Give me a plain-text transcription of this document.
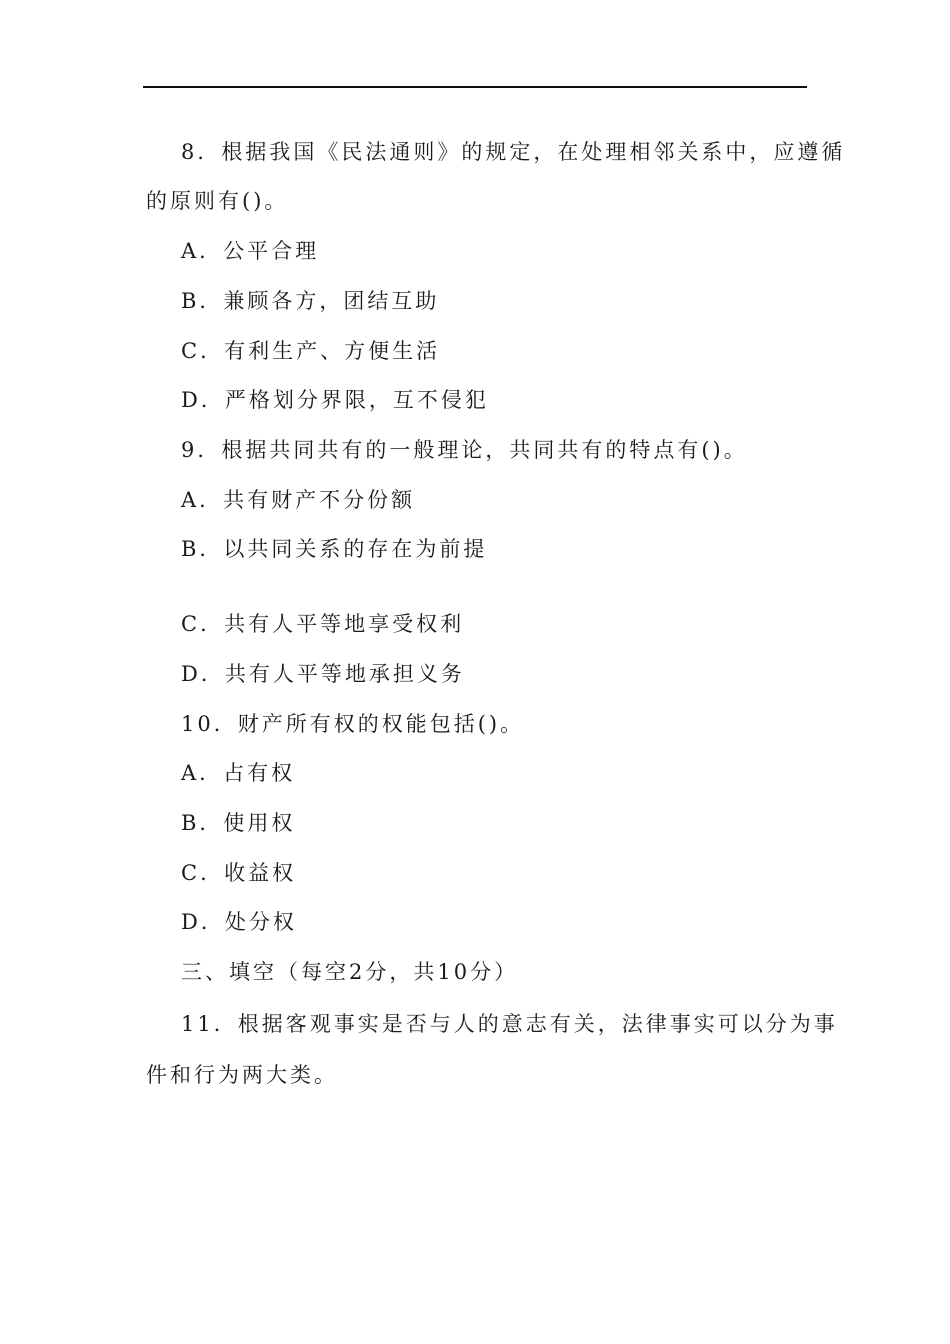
8．根据我国《民法通则》的规定，在处理相邻关系中，应遵循
的原则有()。
A．公平合理
B．兼顾各方，团结互助
C．有利生产、方便生活
D．严格划分界限，互不侵犯
9．根据共同共有的一般理论，共同共有的特点有()。
A．共有财产不分份额
B．以共同关系的存在为前提
C．共有人平等地享受权利
D．共有人平等地承担义务
10．财产所有权的权能包括()。
A．占有权
B．使用权
C．收益权
D．处分权
三、填空（每空2分，共10分）
11．根据客观事实是否与人的意志有关，法律事实可以分为事
件和行为两大类。
